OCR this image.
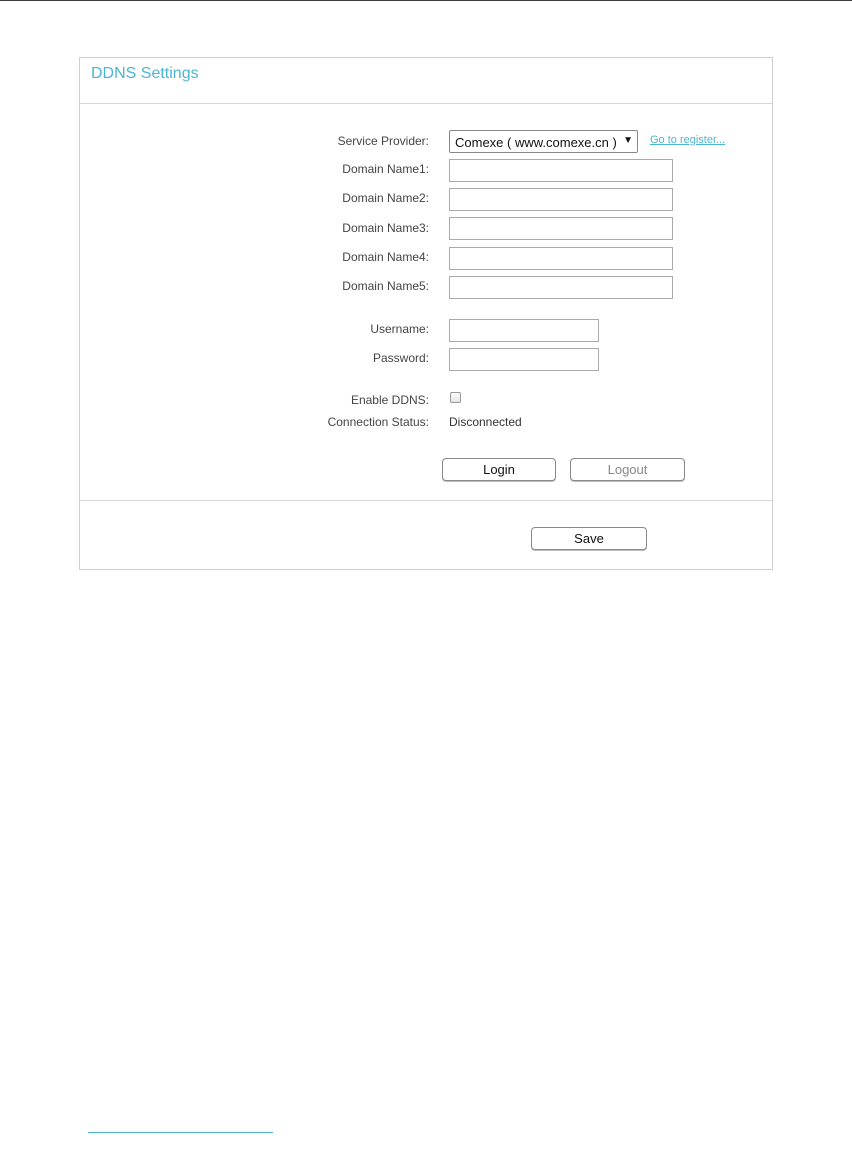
DDNS Settings
Service Provider: Comexe ( www.comexe.cn ) ▼ Go to register...
Domain Name1:
Domain Name2:
Domain Name3:
Domain Name4:
Domain Name5:
Username:
Password:
Enable DDNS:
Connection Status: Disconnected
Login	Logout
Save
